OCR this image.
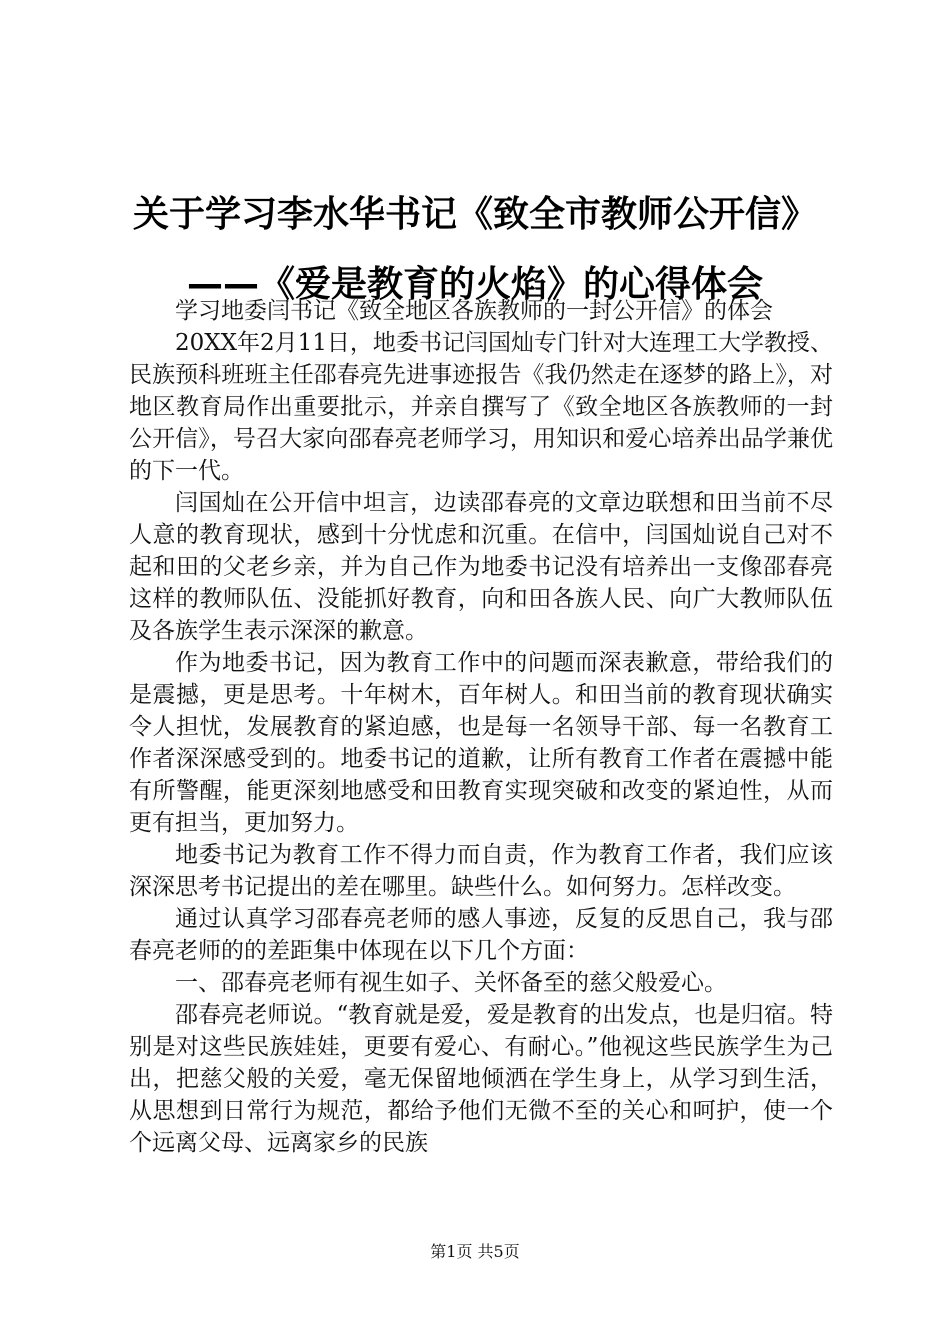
关于学习李水华书记《致全市教师公开信》——《爱是教育的火焰》的心得体会

学习地委闫书记《致全地区各族教师的一封公开信》的体会

20XX年2月11日，地委书记闫国灿专门针对大连理工大学教授、民族预科班班主任邵春亮先进事迹报告《我仍然走在逐梦的路上》，对地区教育局作出重要批示，并亲自撰写了《致全地区各族教师的一封公开信》，号召大家向邵春亮老师学习，用知识和爱心培养出品学兼优的下一代。

闫国灿在公开信中坦言，边读邵春亮的文章边联想和田当前不尽人意的教育现状，感到十分忧虑和沉重。在信中，闫国灿说自己对不起和田的父老乡亲，并为自己作为地委书记没有培养出一支像邵春亮这样的教师队伍、没能抓好教育，向和田各族人民、向广大教师队伍及各族学生表示深深的歉意。

作为地委书记，因为教育工作中的问题而深表歉意，带给我们的是震撼，更是思考。十年树木，百年树人。和田当前的教育现状确实令人担忧，发展教育的紧迫感，也是每一名领导干部、每一名教育工作者深深感受到的。地委书记的道歉，让所有教育工作者在震撼中能有所警醒，能更深刻地感受和田教育实现突破和改变的紧迫性，从而更有担当，更加努力。

地委书记为教育工作不得力而自责，作为教育工作者，我们应该深深思考书记提出的差在哪里。缺些什么。如何努力。怎样改变。

通过认真学习邵春亮老师的感人事迹，反复的反思自己，我与邵春亮老师的的差距集中体现在以下几个方面：

一、邵春亮老师有视生如子、关怀备至的慈父般爱心。

邵春亮老师说。“教育就是爱，爱是教育的出发点，也是归宿。特别是对这些民族娃娃，更要有爱心、有耐心。”他视这些民族学生为己出，把慈父般的关爱，毫无保留地倾洒在学生身上，从学习到生活，从思想到日常行为规范，都给予他们无微不至的关心和呵护，使一个个远离父母、远离家乡的民族

第1页 共5页
